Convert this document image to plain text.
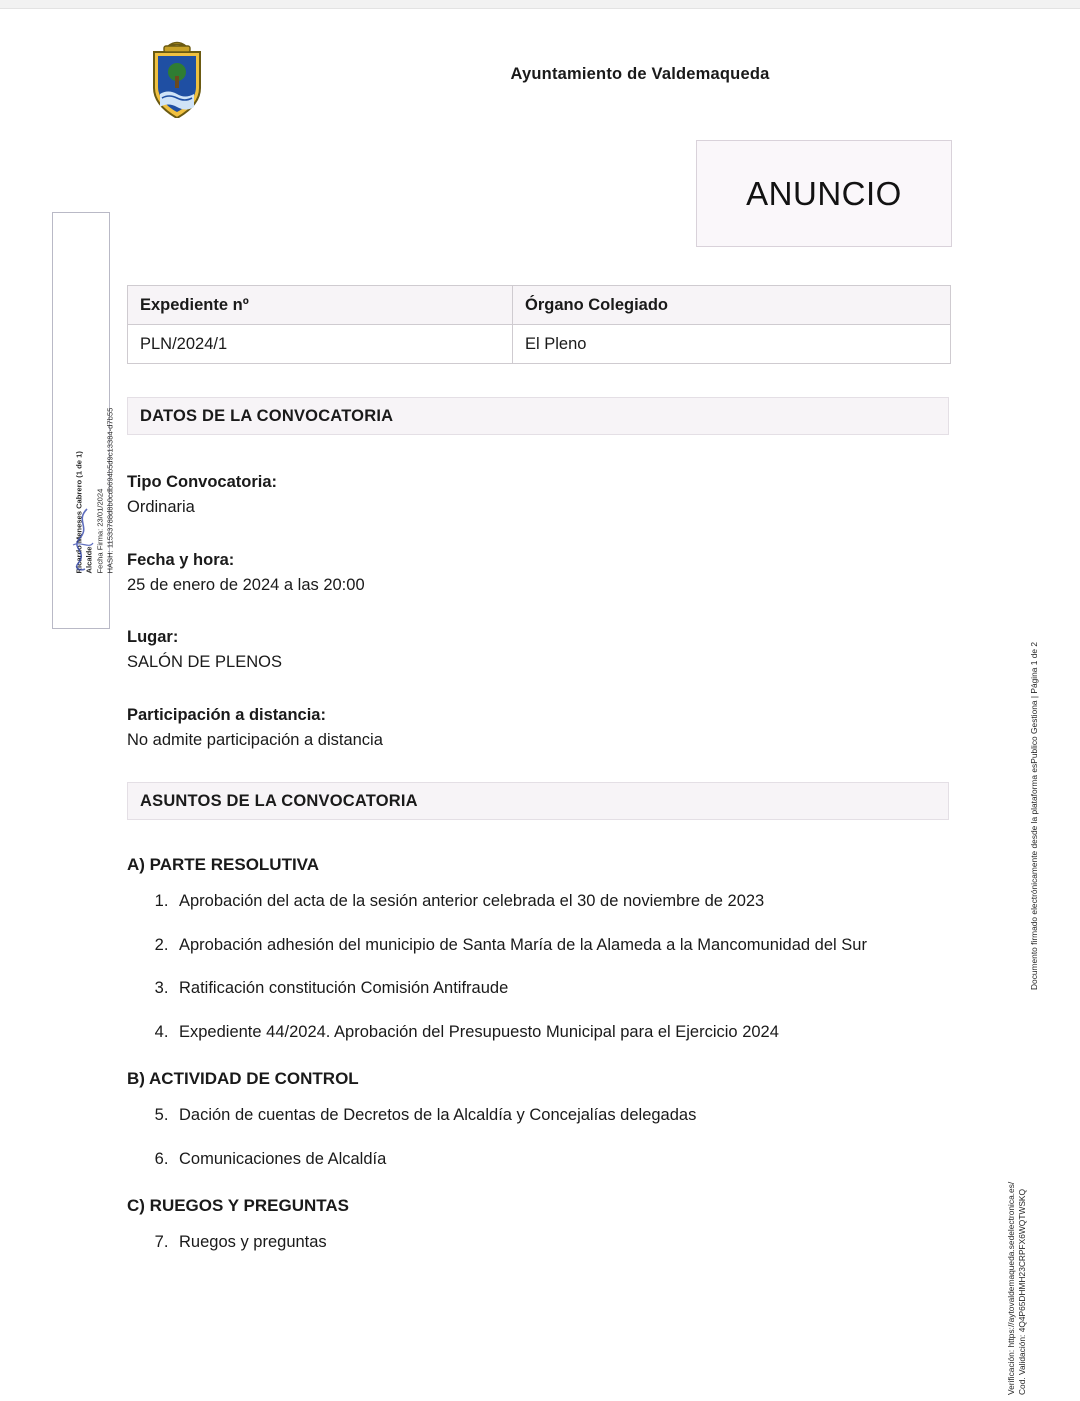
Ayuntamiento de Valdemaqueda
ANUNCIO
Expediente nº	Órgano Colegiado
PLN/2024/1	El Pleno
DATOS DE LA CONVOCATORIA
Tipo Convocatoria:
Ordinaria
Fecha y hora:
25 de enero de 2024 a las 20:00
Lugar:
SALÓN DE PLENOS
Participación a distancia:
No admite participación a distancia
ASUNTOS DE LA CONVOCATORIA

A) PARTE RESOLUTIVA

1. Aprobación del acta de la sesión anterior celebrada el 30 de noviembre de 2023
2. Aprobación adhesión del municipio de Santa María de la Alameda a la Mancomunidad del Sur
3. Ratificación constitución Comisión Antifraude
4. Expediente 44/2024. Aprobación del Presupuesto Municipal para el Ejercicio 2024

B) ACTIVIDAD DE CONTROL

5. Dación de cuentas de Decretos de la Alcaldía y Concejalías delegadas
6. Comunicaciones de Alcaldía

C) RUEGOS Y PREGUNTAS

7. Ruegos y preguntas
Ricardo Meneses Cabrero (1 de 1) Alcalde Fecha Firma: 23/01/2024 HASH: 11533788d8b0cdb694b5d9c13384-d7b55
Documento firmado electrónicamente desde la plataforma esPublico Gestiona | Página 1 de 2
Cod. Validación: 4Q4P65DHMH23CRPFX6WQTWSKQ
Verificación: https://aytovaldemaqueda.sedelectronica.es/
